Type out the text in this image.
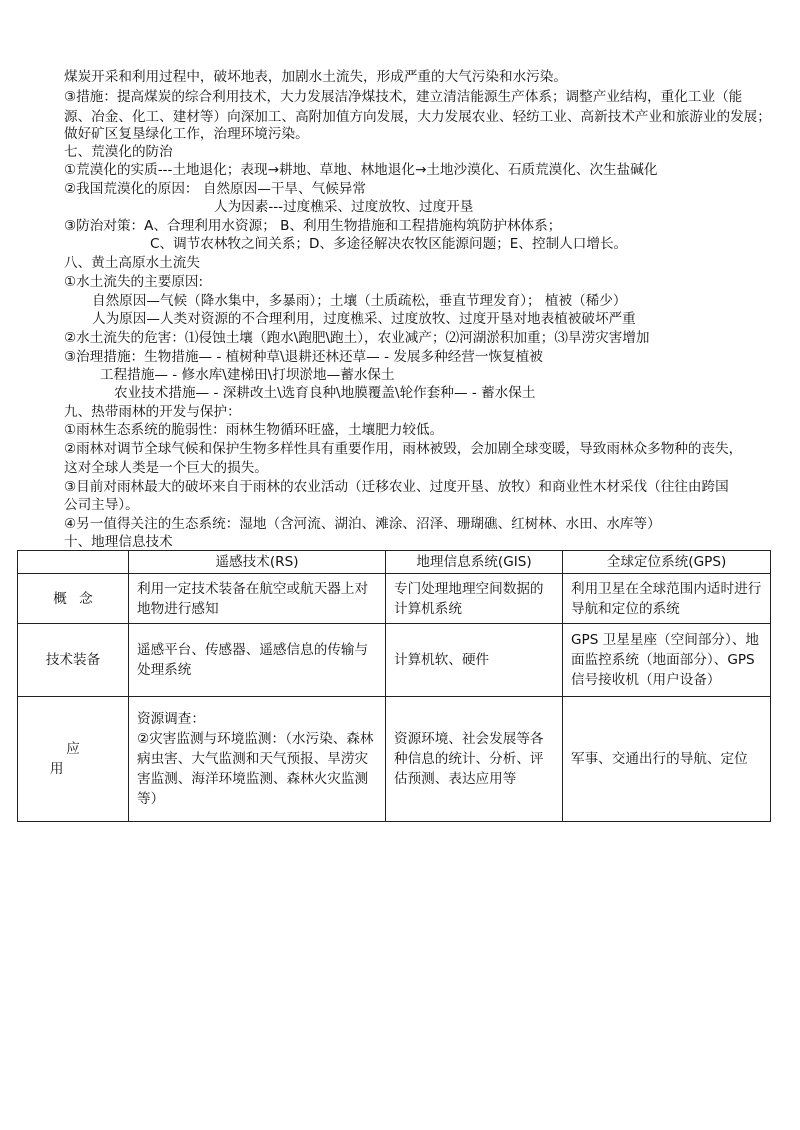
煤炭开采和利用过程中，破坏地表，加剧水土流失，形成严重的大气污染和水污染。
③措施：提高煤炭的综合利用技术，大力发展洁净煤技术，建立清洁能源生产体系；调整产业结构，重化工业（能
源、冶金、化工、建材等）向深加工、高附加值方向发展，大力发展农业、轻纺工业、高新技术产业和旅游业的发展；
做好矿区复垦绿化工作，治理环境污染。
七、荒漠化的防治
①荒漠化的实质---土地退化；表现→耕地、草地、林地退化→土地沙漠化、石质荒漠化、次生盐碱化
②我国荒漠化的原因： 自然原因—干旱、气候异常
人为因素---过度樵采、过度放牧、过度开垦
③防治对策：A、合理利用水资源； B、利用生物措施和工程措施构筑防护林体系；
C、调节农林牧之间关系；D、多途径解决农牧区能源问题；E、控制人口增长。
八、黄土高原水土流失
①水土流失的主要原因:
自然原因—气候（降水集中，多暴雨）；土壤（土质疏松，垂直节理发育）； 植被（稀少）
人为原因—人类对资源的不合理利用，过度樵采、过度放牧、过度开垦对地表植被破坏严重
②水土流失的危害：⑴侵蚀土壤（跑水\跑肥\跑土），农业减产；⑵河湖淤积加重；⑶旱涝灾害增加
③治理措施：生物措施— - 植树种草\退耕还林还草— - 发展多种经营一恢复植被
工程措施— - 修水库\建梯田\打坝淤地—蓄水保土
农业技术措施— - 深耕改土\选育良种\地膜覆盖\轮作套种— - 蓄水保土
九、热带雨林的开发与保护：
①雨林生态系统的脆弱性：雨林生物循环旺盛，土壤肥力较低。
②雨林对调节全球气候和保护生物多样性具有重要作用，雨林被毁，会加剧全球变暖，导致雨林众多物种的丧失，
这对全球人类是一个巨大的损失。
③目前对雨林最大的破坏来自于雨林的农业活动（迁移农业、过度开垦、放牧）和商业性木材采伐（往往由跨国
公司主导）。
④另一值得关注的生态系统：湿地（含河流、湖泊、滩涂、沼泽、珊瑚礁、红树林、水田、水库等）
十、地理信息技术
	遥感技术(RS)	地理信息系统(GIS)	全球定位系统(GPS)
概念	利用一定技术装备在航空或航天器上对地物进行感知	专门处理地理空间数据的计算机系统	利用卫星在全球范围内适时进行导航和定位的系统
技术装备	遥感平台、传感器、遥感信息的传输与处理系统	计算机软、硬件	GPS 卫星星座（空间部分）、地面监控系统（地面部分）、GPS 信号接收机（用户设备）
应用	资源调查：
②灾害监测与环境监测：（水污染、森林病虫害、大气监测和天气预报、旱涝灾害监测、海洋环境监测、森林火灾监测等）	资源环境、社会发展等各种信息的统计、分析、评估预测、表达应用等	军事、交通出行的导航、定位
